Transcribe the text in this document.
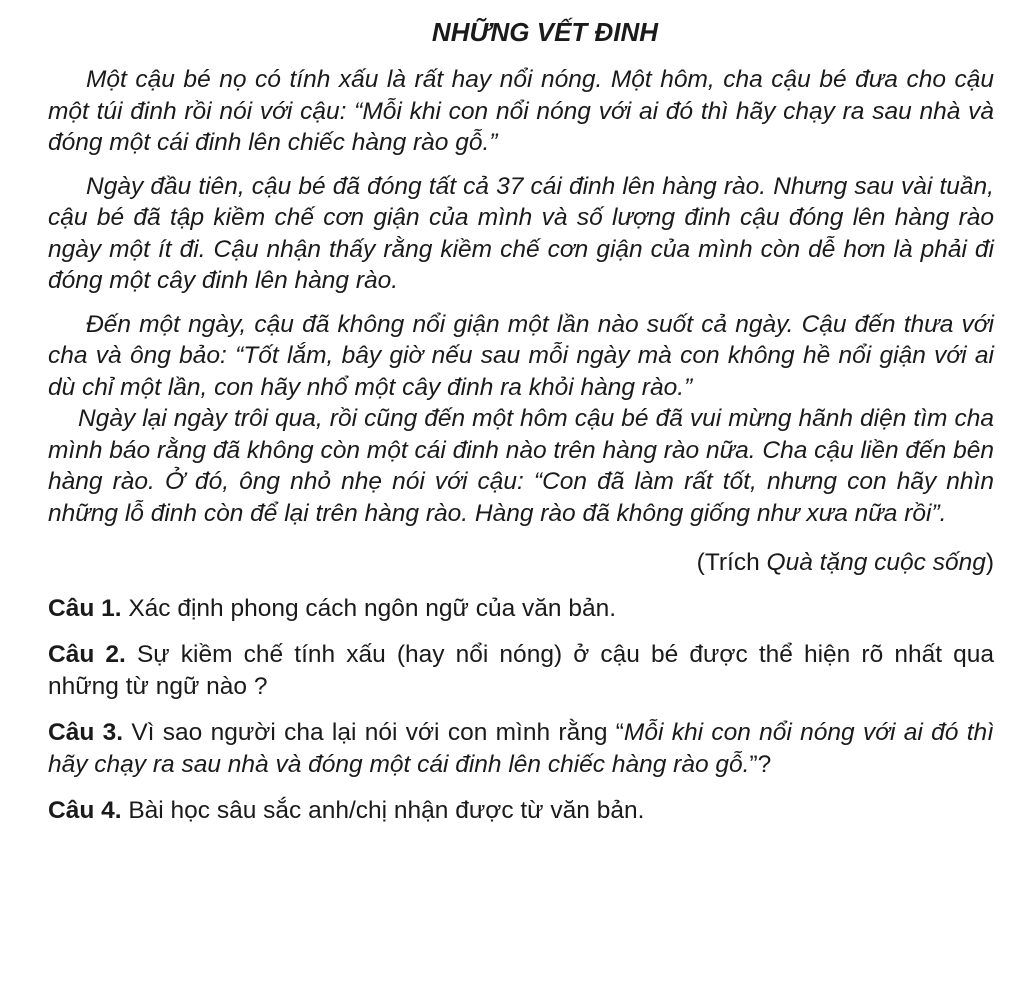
NHỮNG VẾT ĐINH

Một cậu bé nọ có tính xấu là rất hay nổi nóng. Một hôm, cha cậu bé đưa cho cậu một túi đinh rồi nói với cậu: “Mỗi khi con nổi nóng với ai đó thì hãy chạy ra sau nhà và đóng một cái đinh lên chiếc hàng rào gỗ.”

Ngày đầu tiên, cậu bé đã đóng tất cả 37 cái đinh lên hàng rào. Nhưng sau vài tuần, cậu bé đã tập kiềm chế cơn giận của mình và số lượng đinh cậu đóng lên hàng rào ngày một ít đi. Cậu nhận thấy rằng kiềm chế cơn giận của mình còn dễ hơn là phải đi đóng một cây đinh lên hàng rào.

Đến một ngày, cậu đã không nổi giận một lần nào suốt cả ngày. Cậu đến thưa với cha và ông bảo: “Tốt lắm, bây giờ nếu sau mỗi ngày mà con không hề nổi giận với ai dù chỉ một lần, con hãy nhổ một cây đinh ra khỏi hàng rào.”

Ngày lại ngày trôi qua, rồi cũng đến một hôm cậu bé đã vui mừng hãnh diện tìm cha mình báo rằng đã không còn một cái đinh nào trên hàng rào nữa. Cha cậu liền đến bên hàng rào. Ở đó, ông nhỏ nhẹ nói với cậu: “Con đã làm rất tốt, nhưng con hãy nhìn những lỗ đinh còn để lại trên hàng rào. Hàng rào đã không giống như xưa nữa rồi”.

(Trích Quà tặng cuộc sống)

Câu 1. Xác định phong cách ngôn ngữ của văn bản.

Câu 2. Sự kiềm chế tính xấu (hay nổi nóng) ở cậu bé được thể hiện rõ nhất qua những từ ngữ nào ?

Câu 3. Vì sao người cha lại nói với con mình rằng “Mỗi khi con nổi nóng với ai đó thì hãy chạy ra sau nhà và đóng một cái đinh lên chiếc hàng rào gỗ.”?

Câu 4. Bài học sâu sắc anh/chị nhận được từ văn bản.
